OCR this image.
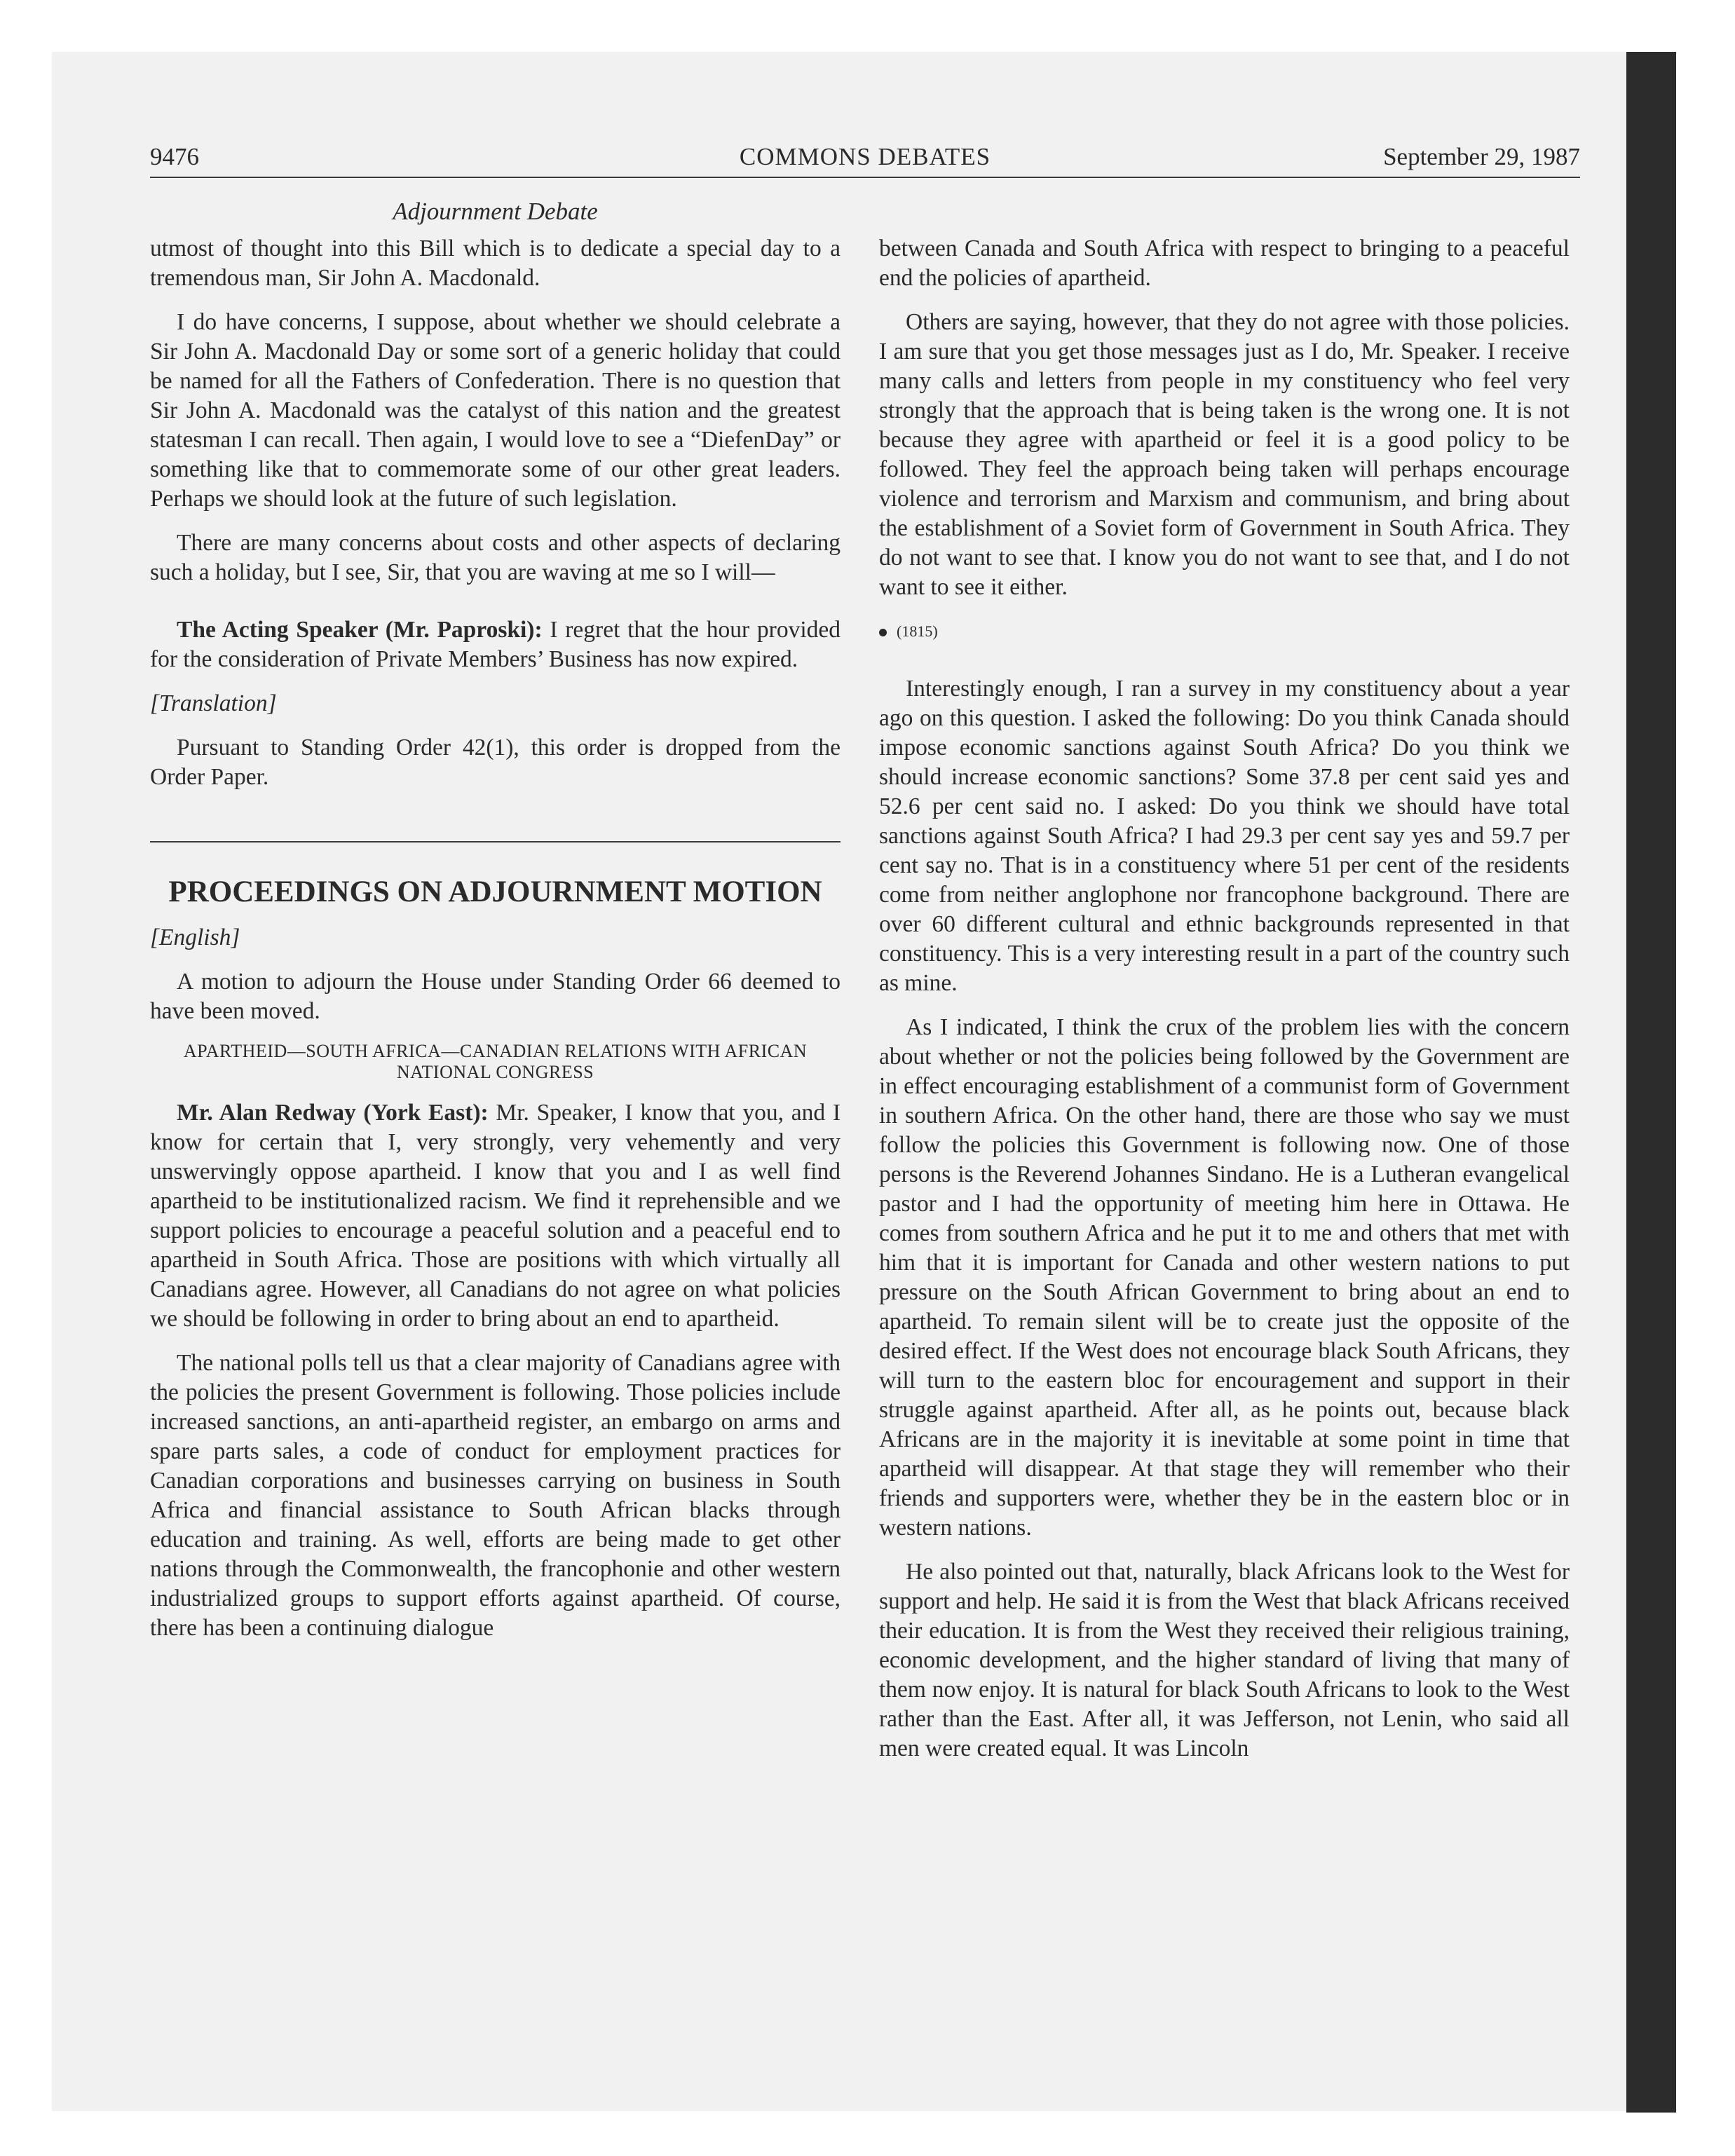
9476	COMMONS DEBATES	September 29, 1987
Adjournment Debate

utmost of thought into this Bill which is to dedicate a special day to a tremendous man, Sir John A. Macdonald.

I do have concerns, I suppose, about whether we should celebrate a Sir John A. Macdonald Day or some sort of a generic holiday that could be named for all the Fathers of Confederation. There is no question that Sir John A. Macdonald was the catalyst of this nation and the greatest statesman I can recall. Then again, I would love to see a “DiefenDay” or something like that to commemorate some of our other great leaders. Perhaps we should look at the future of such legislation.

There are many concerns about costs and other aspects of declaring such a holiday, but I see, Sir, that you are waving at me so I will—

The Acting Speaker (Mr. Paproski): I regret that the hour provided for the consideration of Private Members’ Business has now expired.

[Translation]

Pursuant to Standing Order 42(1), this order is dropped from the Order Paper.

PROCEEDINGS ON ADJOURNMENT MOTION

[English]

A motion to adjourn the House under Standing Order 66 deemed to have been moved.

APARTHEID—SOUTH AFRICA—CANADIAN RELATIONS WITH AFRICAN NATIONAL CONGRESS

Mr. Alan Redway (York East): Mr. Speaker, I know that you, and I know for certain that I, very strongly, very vehemently and very unswervingly oppose apartheid. I know that you and I as well find apartheid to be institutionalized racism. We find it reprehensible and we support policies to encourage a peaceful solution and a peaceful end to apartheid in South Africa. Those are positions with which virtually all Canadians agree. However, all Canadians do not agree on what policies we should be following in order to bring about an end to apartheid.

The national polls tell us that a clear majority of Canadians agree with the policies the present Government is following. Those policies include increased sanctions, an anti-apartheid register, an embargo on arms and spare parts sales, a code of conduct for employment practices for Canadian corporations and businesses carrying on business in South Africa and financial assistance to South African blacks through education and training. As well, efforts are being made to get other nations through the Commonwealth, the francophonie and other western industrialized groups to support efforts against apartheid. Of course, there has been a continuing dialogue

between Canada and South Africa with respect to bringing to a peaceful end the policies of apartheid.

Others are saying, however, that they do not agree with those policies. I am sure that you get those messages just as I do, Mr. Speaker. I receive many calls and letters from people in my constituency who feel very strongly that the approach that is being taken is the wrong one. It is not because they agree with apartheid or feel it is a good policy to be followed. They feel the approach being taken will perhaps encourage violence and terrorism and Marxism and communism, and bring about the establishment of a Soviet form of Government in South Africa. They do not want to see that. I know you do not want to see that, and I do not want to see it either.

(1815)

Interestingly enough, I ran a survey in my constituency about a year ago on this question. I asked the following: Do you think Canada should impose economic sanctions against South Africa? Do you think we should increase economic sanctions? Some 37.8 per cent said yes and 52.6 per cent said no. I asked: Do you think we should have total sanctions against South Africa? I had 29.3 per cent say yes and 59.7 per cent say no. That is in a constituency where 51 per cent of the residents come from neither anglophone nor francophone background. There are over 60 different cultural and ethnic backgrounds represented in that constituency. This is a very interesting result in a part of the country such as mine.

As I indicated, I think the crux of the problem lies with the concern about whether or not the policies being followed by the Government are in effect encouraging establishment of a communist form of Government in southern Africa. On the other hand, there are those who say we must follow the policies this Government is following now. One of those persons is the Reverend Johannes Sindano. He is a Lutheran evangelical pastor and I had the opportunity of meeting him here in Ottawa. He comes from southern Africa and he put it to me and others that met with him that it is important for Canada and other western nations to put pressure on the South African Government to bring about an end to apartheid. To remain silent will be to create just the opposite of the desired effect. If the West does not encourage black South Africans, they will turn to the eastern bloc for encouragement and support in their struggle against apartheid. After all, as he points out, because black Africans are in the majority it is inevitable at some point in time that apartheid will disappear. At that stage they will remember who their friends and supporters were, whether they be in the eastern bloc or in western nations.

He also pointed out that, naturally, black Africans look to the West for support and help. He said it is from the West that black Africans received their education. It is from the West they received their religious training, economic development, and the higher standard of living that many of them now enjoy. It is natural for black South Africans to look to the West rather than the East. After all, it was Jefferson, not Lenin, who said all men were created equal. It was Lincoln
